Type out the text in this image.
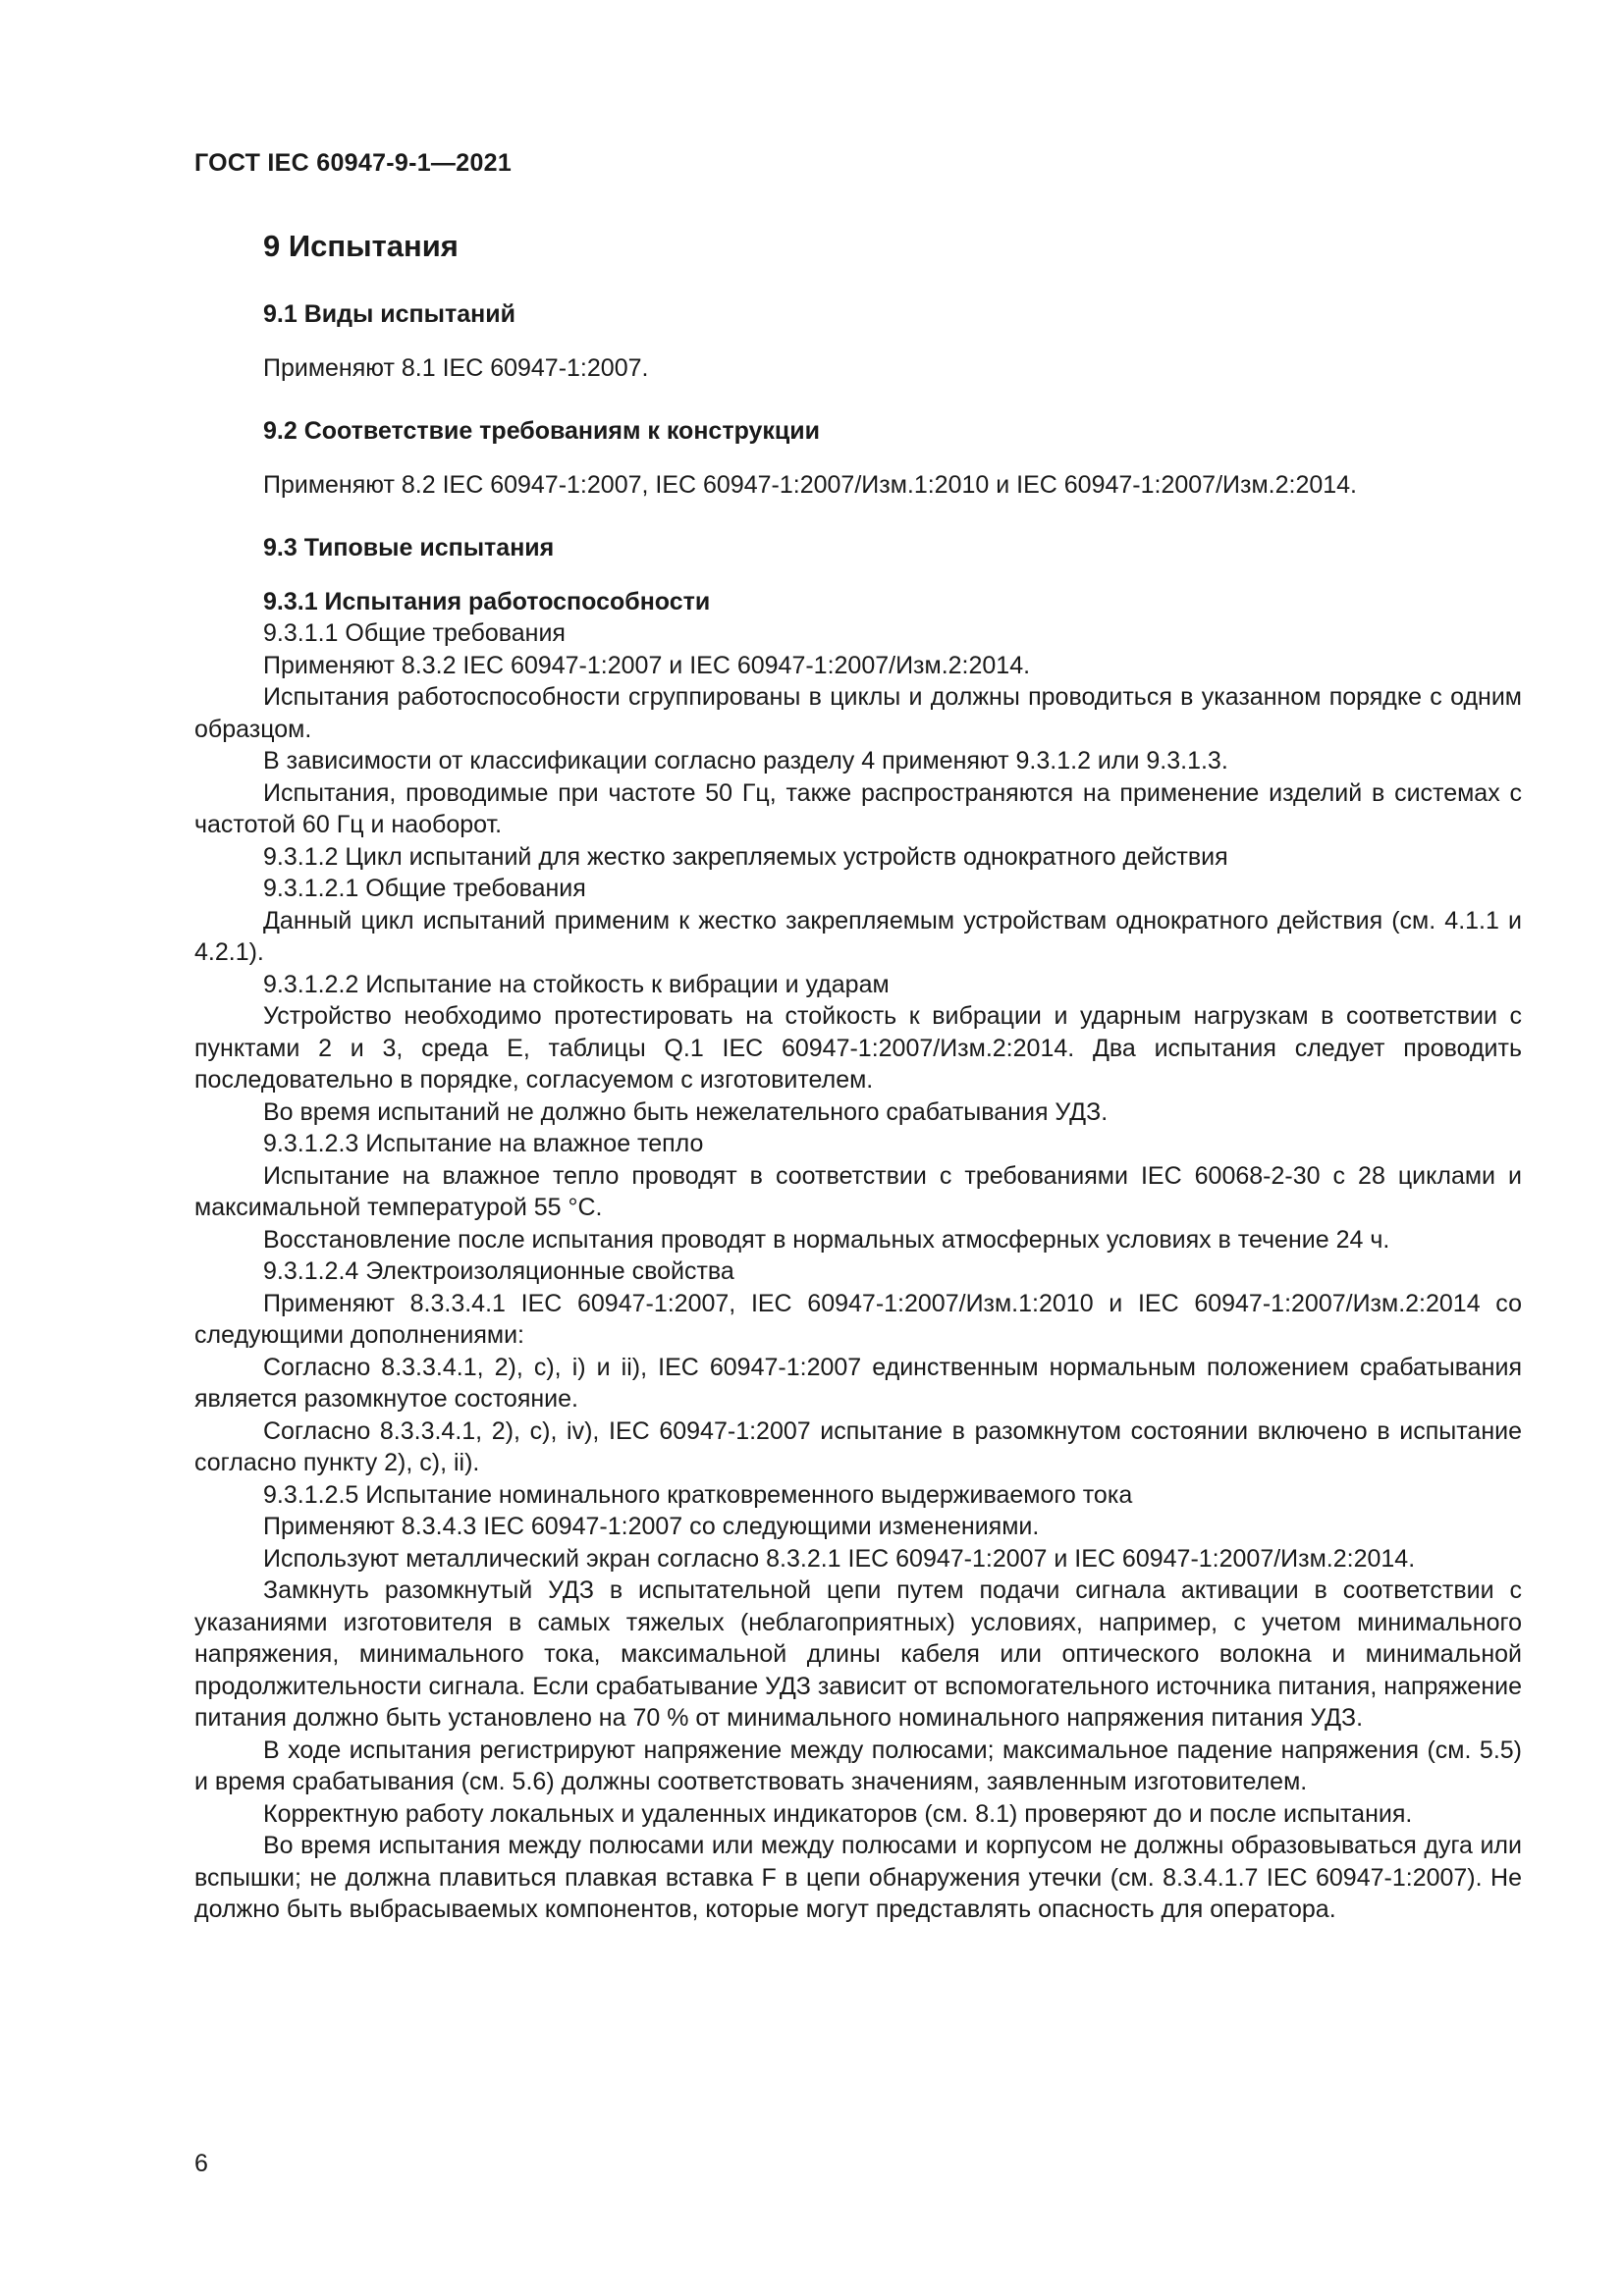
ГОСТ IEC 60947-9-1—2021
9 Испытания
9.1 Виды испытаний
Применяют 8.1 IEC 60947-1:2007.
9.2 Соответствие требованиям к конструкции
Применяют 8.2 IEC 60947-1:2007, IEC 60947-1:2007/Изм.1:2010 и IEC 60947-1:2007/Изм.2:2014.
9.3 Типовые испытания
9.3.1 Испытания работоспособности

9.3.1.1 Общие требования

Применяют 8.3.2 IEC 60947-1:2007 и IEC 60947-1:2007/Изм.2:2014.

Испытания работоспособности сгруппированы в циклы и должны проводиться в указанном порядке с одним образцом.

В зависимости от классификации согласно разделу 4 применяют 9.3.1.2 или 9.3.1.3.

Испытания, проводимые при частоте 50 Гц, также распространяются на применение изделий в системах с частотой 60 Гц и наоборот.

9.3.1.2 Цикл испытаний для жестко закрепляемых устройств однократного действия

9.3.1.2.1 Общие требования

Данный цикл испытаний применим к жестко закрепляемым устройствам однократного действия (см. 4.1.1 и 4.2.1).

9.3.1.2.2 Испытание на стойкость к вибрации и ударам

Устройство необходимо протестировать на стойкость к вибрации и ударным нагрузкам в соответствии с пунктами 2 и 3, среда E, таблицы Q.1 IEC 60947-1:2007/Изм.2:2014. Два испытания следует проводить последовательно в порядке, согласуемом с изготовителем.

Во время испытаний не должно быть нежелательного срабатывания УДЗ.

9.3.1.2.3 Испытание на влажное тепло

Испытание на влажное тепло проводят в соответствии с требованиями IEC 60068-2-30 с 28 циклами и максимальной температурой 55 °C.

Восстановление после испытания проводят в нормальных атмосферных условиях в течение 24 ч.

9.3.1.2.4 Электроизоляционные свойства

Применяют 8.3.3.4.1 IEC 60947-1:2007, IEC 60947-1:2007/Изм.1:2010 и IEC 60947-1:2007/Изм.2:2014 со следующими дополнениями:

Согласно 8.3.3.4.1, 2), c), i) и ii), IEC 60947-1:2007 единственным нормальным положением срабатывания является разомкнутое состояние.

Согласно 8.3.3.4.1, 2), c), iv), IEC 60947-1:2007 испытание в разомкнутом состоянии включено в испытание согласно пункту 2), c), ii).

9.3.1.2.5 Испытание номинального кратковременного выдерживаемого тока

Применяют 8.3.4.3 IEC 60947-1:2007 со следующими изменениями.

Используют металлический экран согласно 8.3.2.1 IEC 60947-1:2007 и IEC 60947-1:2007/Изм.2:2014.

Замкнуть разомкнутый УДЗ в испытательной цепи путем подачи сигнала активации в соответствии с указаниями изготовителя в самых тяжелых (неблагоприятных) условиях, например, с учетом минимального напряжения, минимального тока, максимальной длины кабеля или оптического волокна и минимальной продолжительности сигнала. Если срабатывание УДЗ зависит от вспомогательного источника питания, напряжение питания должно быть установлено на 70 % от минимального номинального напряжения питания УДЗ.

В ходе испытания регистрируют напряжение между полюсами; максимальное падение напряжения (см. 5.5) и время срабатывания (см. 5.6) должны соответствовать значениям, заявленным изготовителем.

Корректную работу локальных и удаленных индикаторов (см. 8.1) проверяют до и после испытания.

Во время испытания между полюсами или между полюсами и корпусом не должны образовываться дуга или вспышки; не должна плавиться плавкая вставка F в цепи обнаружения утечки (см. 8.3.4.1.7 IEC 60947-1:2007). Не должно быть выбрасываемых компонентов, которые могут представлять опасность для оператора.

6
